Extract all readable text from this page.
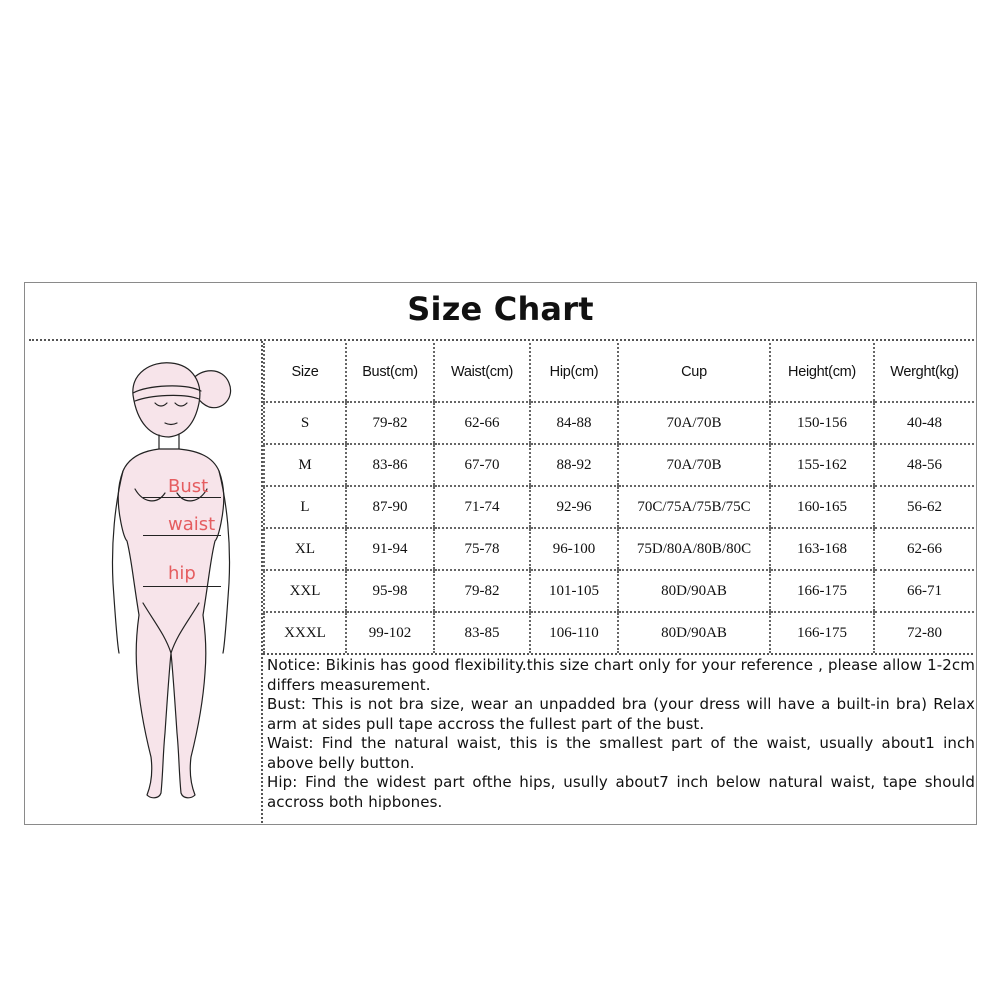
Size Chart
Bust
waist
hip
Size	Bust(cm)	Waist(cm)	Hip(cm)	Cup	Height(cm)	Werght(kg)
S	79-82	62-66	84-88	70A/70B	150-156	40-48
M	83-86	67-70	88-92	70A/70B	155-162	48-56
L	87-90	71-74	92-96	70C/75A/75B/75C	160-165	56-62
XL	91-94	75-78	96-100	75D/80A/80B/80C	163-168	62-66
XXL	95-98	79-82	101-105	80D/90AB	166-175	66-71
XXXL	99-102	83-85	106-110	80D/90AB	166-175	72-80

Notice: Bikinis has good flexibility.this size chart only for your reference , please allow 1-2cm differs measurement.

Bust: This is not bra size, wear an unpadded bra (your dress will have a built-in bra) Relax arm at sides pull tape accross the fullest part of the bust.

Waist: Find the natural waist, this is the smallest part of the waist, usually about1 inch above belly button.

Hip: Find the widest part ofthe hips, usully about7 inch below natural waist, tape should accross both hipbones.
